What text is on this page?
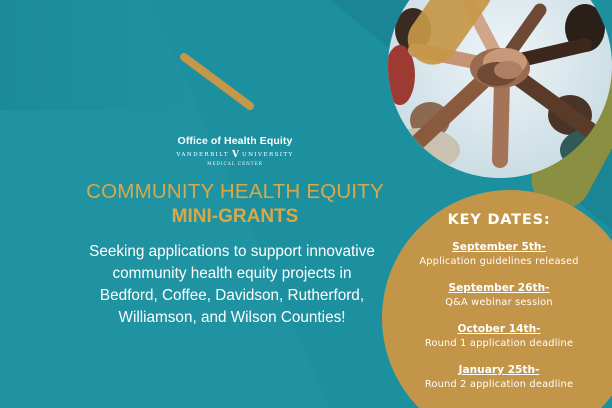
Office of Health Equity
VANDERBILT V UNIVERSITY
MEDICAL CENTER
COMMUNITY HEALTH EQUITY
MINI-GRANTS
Seeking applications to support innovative
community health equity projects in
Bedford, Coffee, Davidson, Rutherford,
Williamson, and Wilson Counties!
KEY DATES:
September 5th-
Application guidelines released
September 26th-
Q&A webinar session
October 14th-
Round 1 application deadline
January 25th-
Round 2 application deadline
